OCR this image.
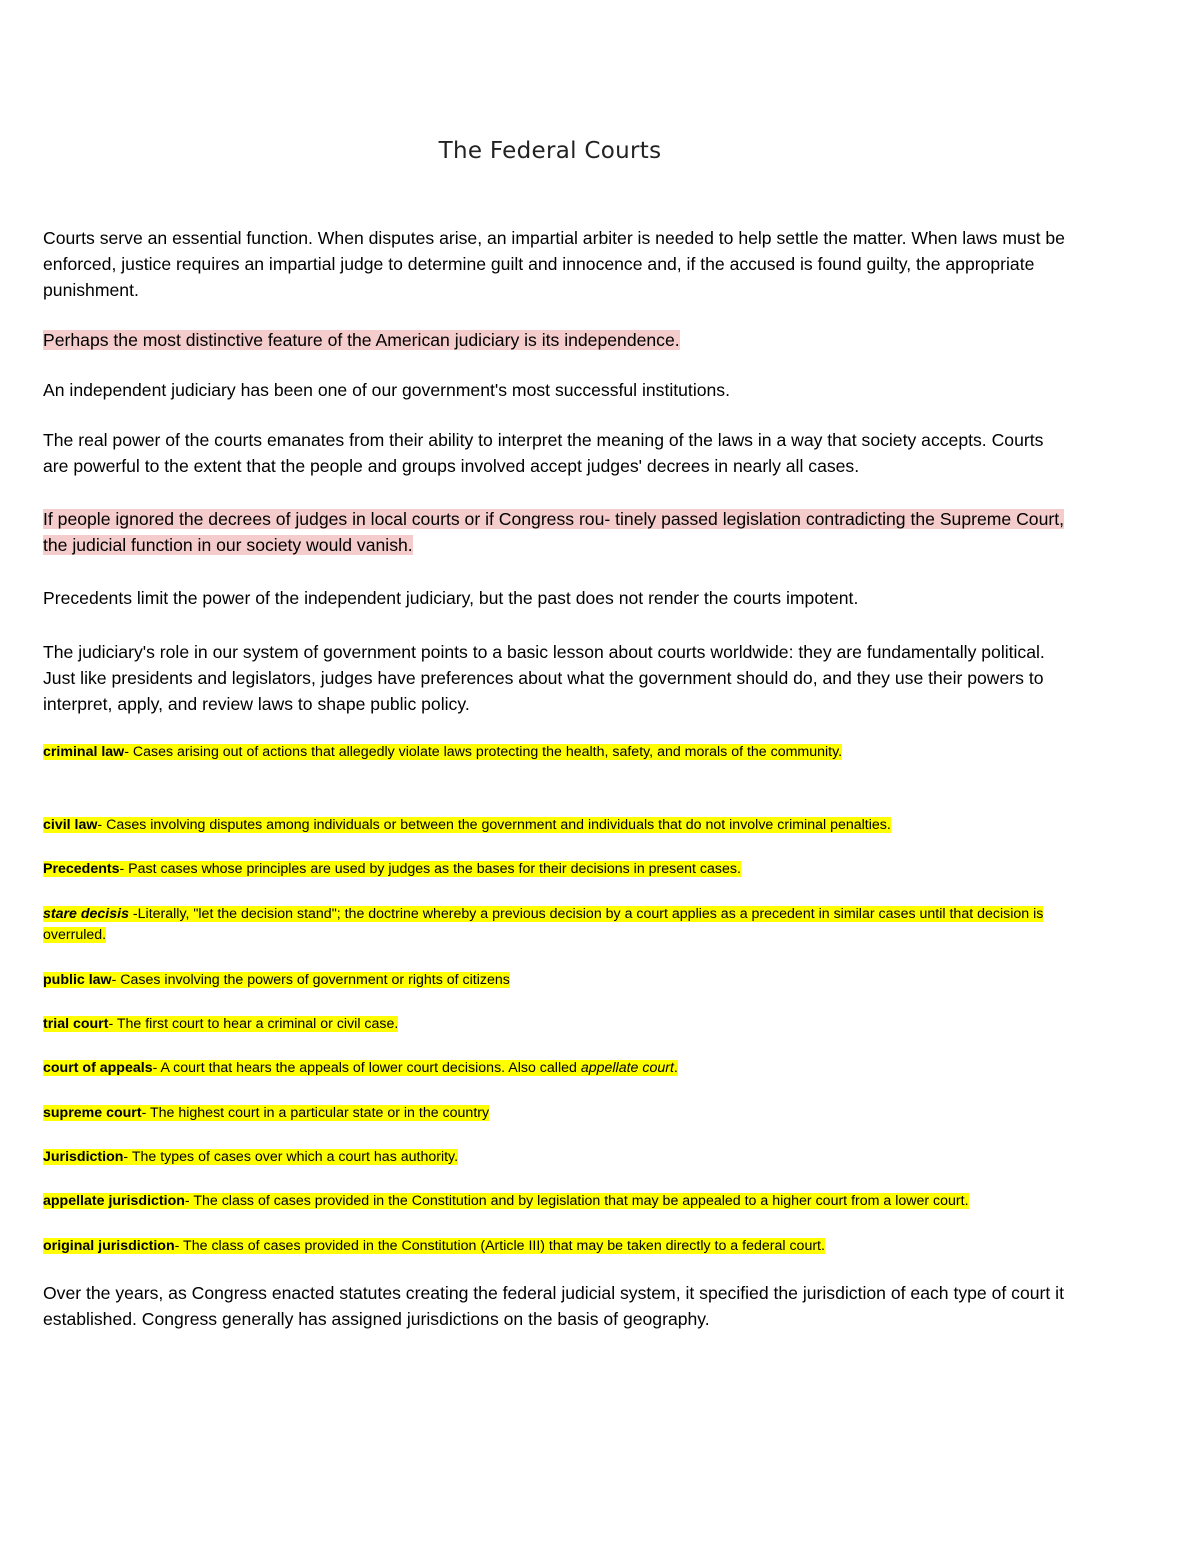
The Federal Courts

Courts serve an essential function. When disputes arise, an impartial arbiter is needed to help settle the matter. When laws must be enforced, justice requires an impartial judge to determine guilt and innocence and, if the accused is found guilty, the appropriate punishment.

Perhaps the most distinctive feature of the American judiciary is its independence.

An independent judiciary has been one of our government's most successful institutions.

The real power of the courts emanates from their ability to interpret the meaning of the laws in a way that society accepts. Courts are powerful to the extent that the people and groups involved accept judges' decrees in nearly all cases.

If people ignored the decrees of judges in local courts or if Congress rou- tinely passed legislation contradicting the Supreme Court, the judicial function in our society would vanish.

Precedents limit the power of the independent judiciary, but the past does not render the courts impotent.

The judiciary's role in our system of government points to a basic lesson about courts worldwide: they are fundamentally political. Just like presidents and legislators, judges have preferences about what the government should do, and they use their powers to interpret, apply, and review laws to shape public policy.

criminal law- Cases arising out of actions that allegedly violate laws protecting the health, safety, and morals of the community.

civil law- Cases involving disputes among individuals or between the government and individuals that do not involve criminal penalties.

Precedents- Past cases whose principles are used by judges as the bases for their decisions in present cases.

stare decisis -Literally, "let the decision stand"; the doctrine whereby a previous decision by a court applies as a precedent in similar cases until that decision is overruled.

public law- Cases involving the powers of government or rights of citizens

trial court- The first court to hear a criminal or civil case.

court of appeals- A court that hears the appeals of lower court decisions. Also called appellate court.

supreme court- The highest court in a particular state or in the country

Jurisdiction- The types of cases over which a court has authority.

appellate jurisdiction- The class of cases provided in the Constitution and by legislation that may be appealed to a higher court from a lower court.

original jurisdiction- The class of cases provided in the Constitution (Article III) that may be taken directly to a federal court.

Over the years, as Congress enacted statutes creating the federal judicial system, it specified the jurisdiction of each type of court it established. Congress generally has assigned jurisdictions on the basis of geography.
